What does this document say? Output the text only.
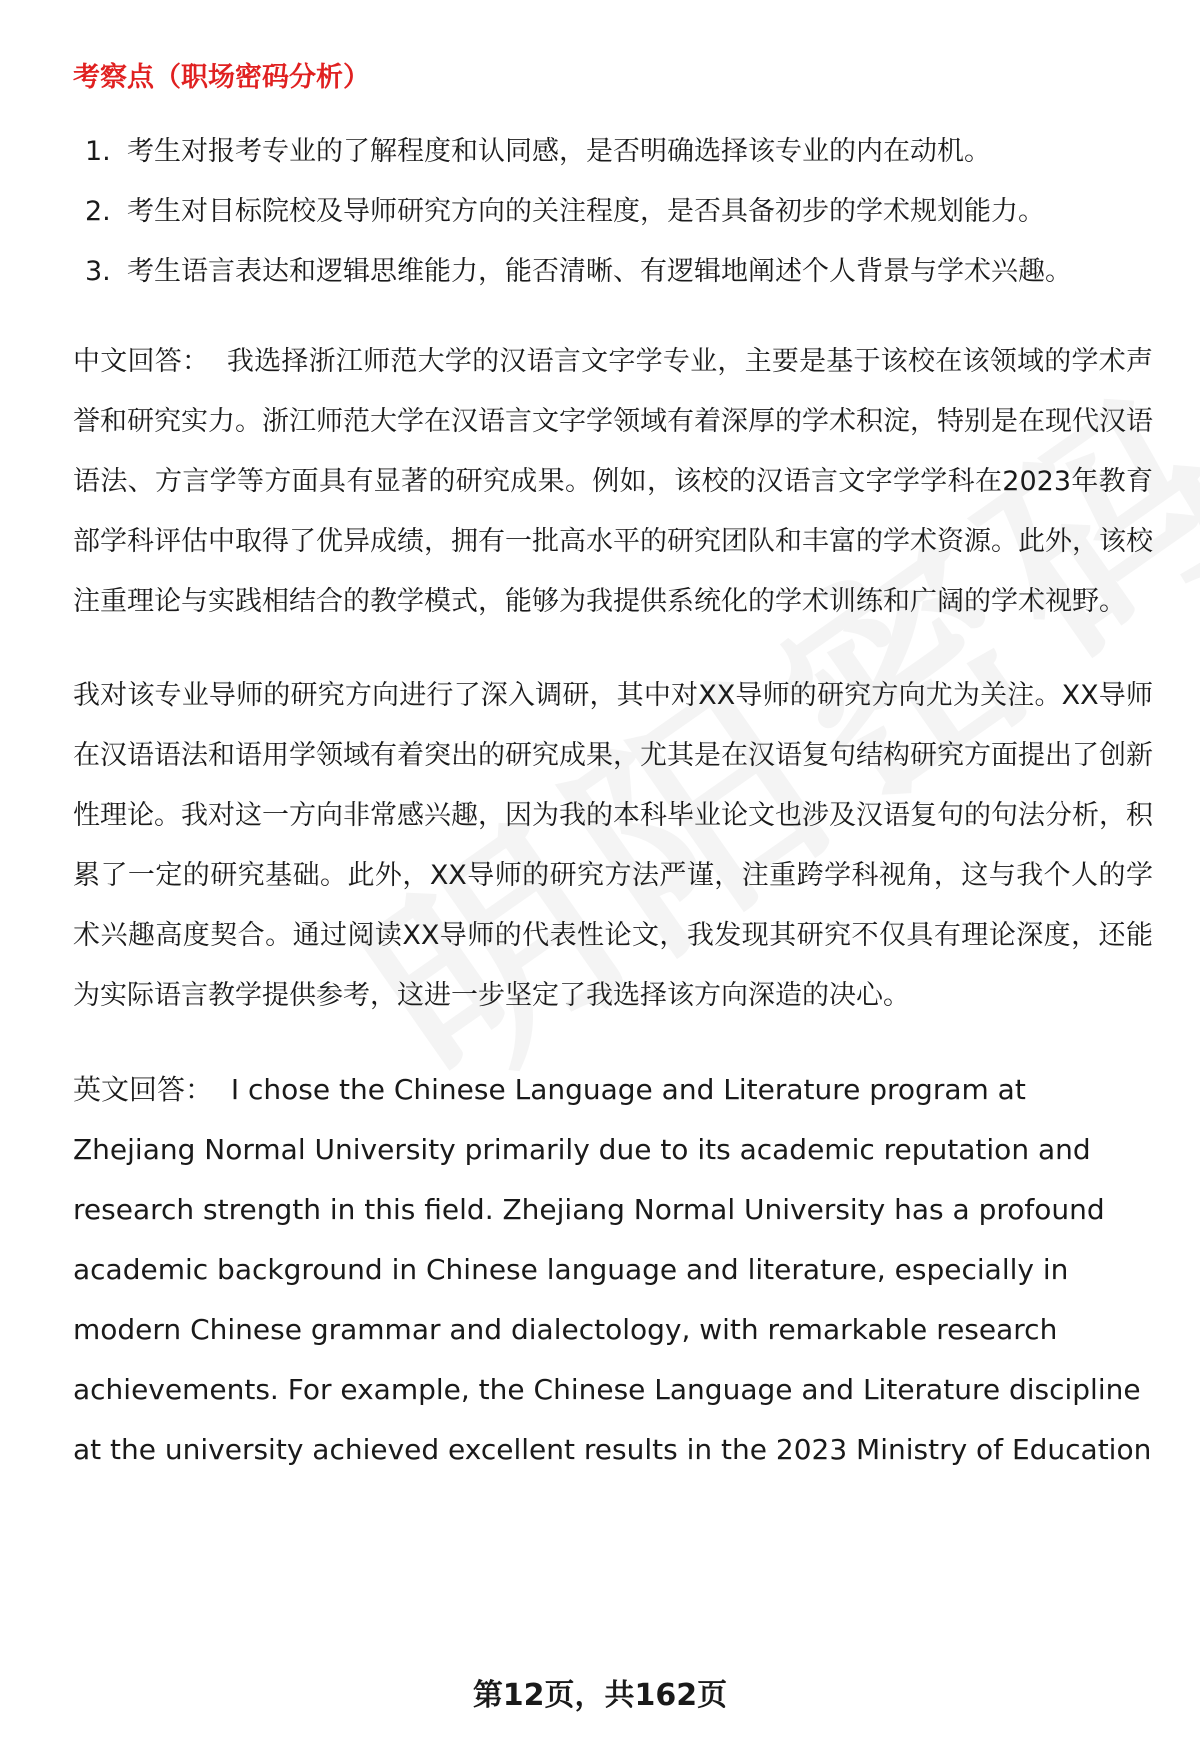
考察点（职场密码分析）
1. 考生对报考专业的了解程度和认同感，是否明确选择该专业的内在动机。
2. 考生对目标院校及导师研究方向的关注程度，是否具备初步的学术规划能力。
3. 考生语言表达和逻辑思维能力，能否清晰、有逻辑地阐述个人背景与学术兴趣。

中文回答： 我选择浙江师范大学的汉语言文字学专业，主要是基于该校在该领域的学术声誉和研究实力。浙江师范大学在汉语言文字学领域有着深厚的学术积淀，特别是在现代汉语语法、方言学等方面具有显著的研究成果。例如，该校的汉语言文字学学科在2023年教育部学科评估中取得了优异成绩，拥有一批高水平的研究团队和丰富的学术资源。此外，该校注重理论与实践相结合的教学模式，能够为我提供系统化的学术训练和广阔的学术视野。

我对该专业导师的研究方向进行了深入调研，其中对XX导师的研究方向尤为关注。XX导师在汉语语法和语用学领域有着突出的研究成果，尤其是在汉语复句结构研究方面提出了创新性理论。我对这一方向非常感兴趣，因为我的本科毕业论文也涉及汉语复句的句法分析，积累了一定的研究基础。此外，XX导师的研究方法严谨，注重跨学科视角，这与我个人的学术兴趣高度契合。通过阅读XX导师的代表性论文，我发现其研究不仅具有理论深度，还能为实际语言教学提供参考，这进一步坚定了我选择该方向深造的决心。

英文回答： I chose the Chinese Language and Literature program at Zhejiang Normal University primarily due to its academic reputation and research strength in this field. Zhejiang Normal University has a profound academic background in Chinese language and literature, especially in modern Chinese grammar and dialectology, with remarkable research achievements. For example, the Chinese Language and Literature discipline at the university achieved excellent results in the 2023 Ministry of Education

第12页，共162页
